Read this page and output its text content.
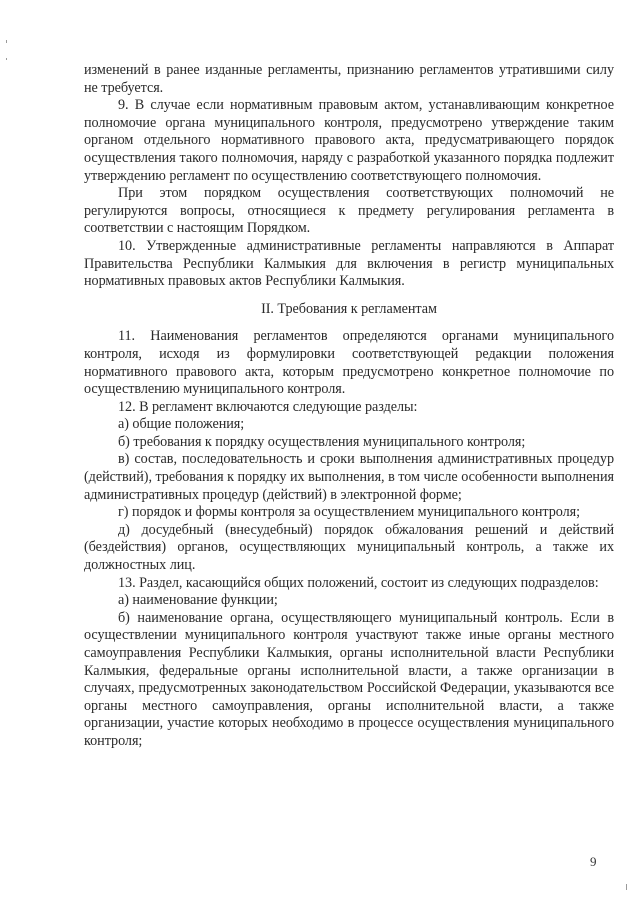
изменений в ранее изданные регламенты, признанию регламентов утратившими силу не требуется.

9. В случае если нормативным правовым актом, устанавливающим конкретное полномочие органа муниципального контроля, предусмотрено утверждение таким органом отдельного нормативного правового акта, предусматривающего порядок осуществления такого полномочия, наряду с разработкой указанного порядка подлежит утверждению регламент по осуществлению соответствующего полномочия.

При этом порядком осуществления соответствующих полномочий не регулируются вопросы, относящиеся к предмету регулирования регламента в соответствии с настоящим Порядком.

10. Утвержденные административные регламенты направляются в Аппарат Правительства Республики Калмыкия для включения в регистр муниципальных нормативных правовых актов Республики Калмыкия.

II. Требования к регламентам

11. Наименования регламентов определяются органами муниципального контроля, исходя из формулировки соответствующей редакции положения нормативного правового акта, которым предусмотрено конкретное полномочие по осуществлению муниципального контроля.

12. В регламент включаются следующие разделы:

а) общие положения;

б) требования к порядку осуществления муниципального контроля;

в) состав, последовательность и сроки выполнения административных процедур (действий), требования к порядку их выполнения, в том числе особенности выполнения административных процедур (действий) в электронной форме;

г) порядок и формы контроля за осуществлением муниципального контроля;

д) досудебный (внесудебный) порядок обжалования решений и действий (бездействия) органов, осуществляющих муниципальный контроль, а также их должностных лиц.

13. Раздел, касающийся общих положений, состоит из следующих подразделов:

а) наименование функции;

б) наименование органа, осуществляющего муниципальный контроль. Если в осуществлении муниципального контроля участвуют также иные органы местного самоуправления Республики Калмыкия, органы исполнительной власти Республики Калмыкия, федеральные органы исполнительной власти, а также организации в случаях, предусмотренных законодательством Российской Федерации, указываются все органы местного самоуправления, органы исполнительной власти, а также организации, участие которых необходимо в процессе осуществления муниципального контроля;

9
